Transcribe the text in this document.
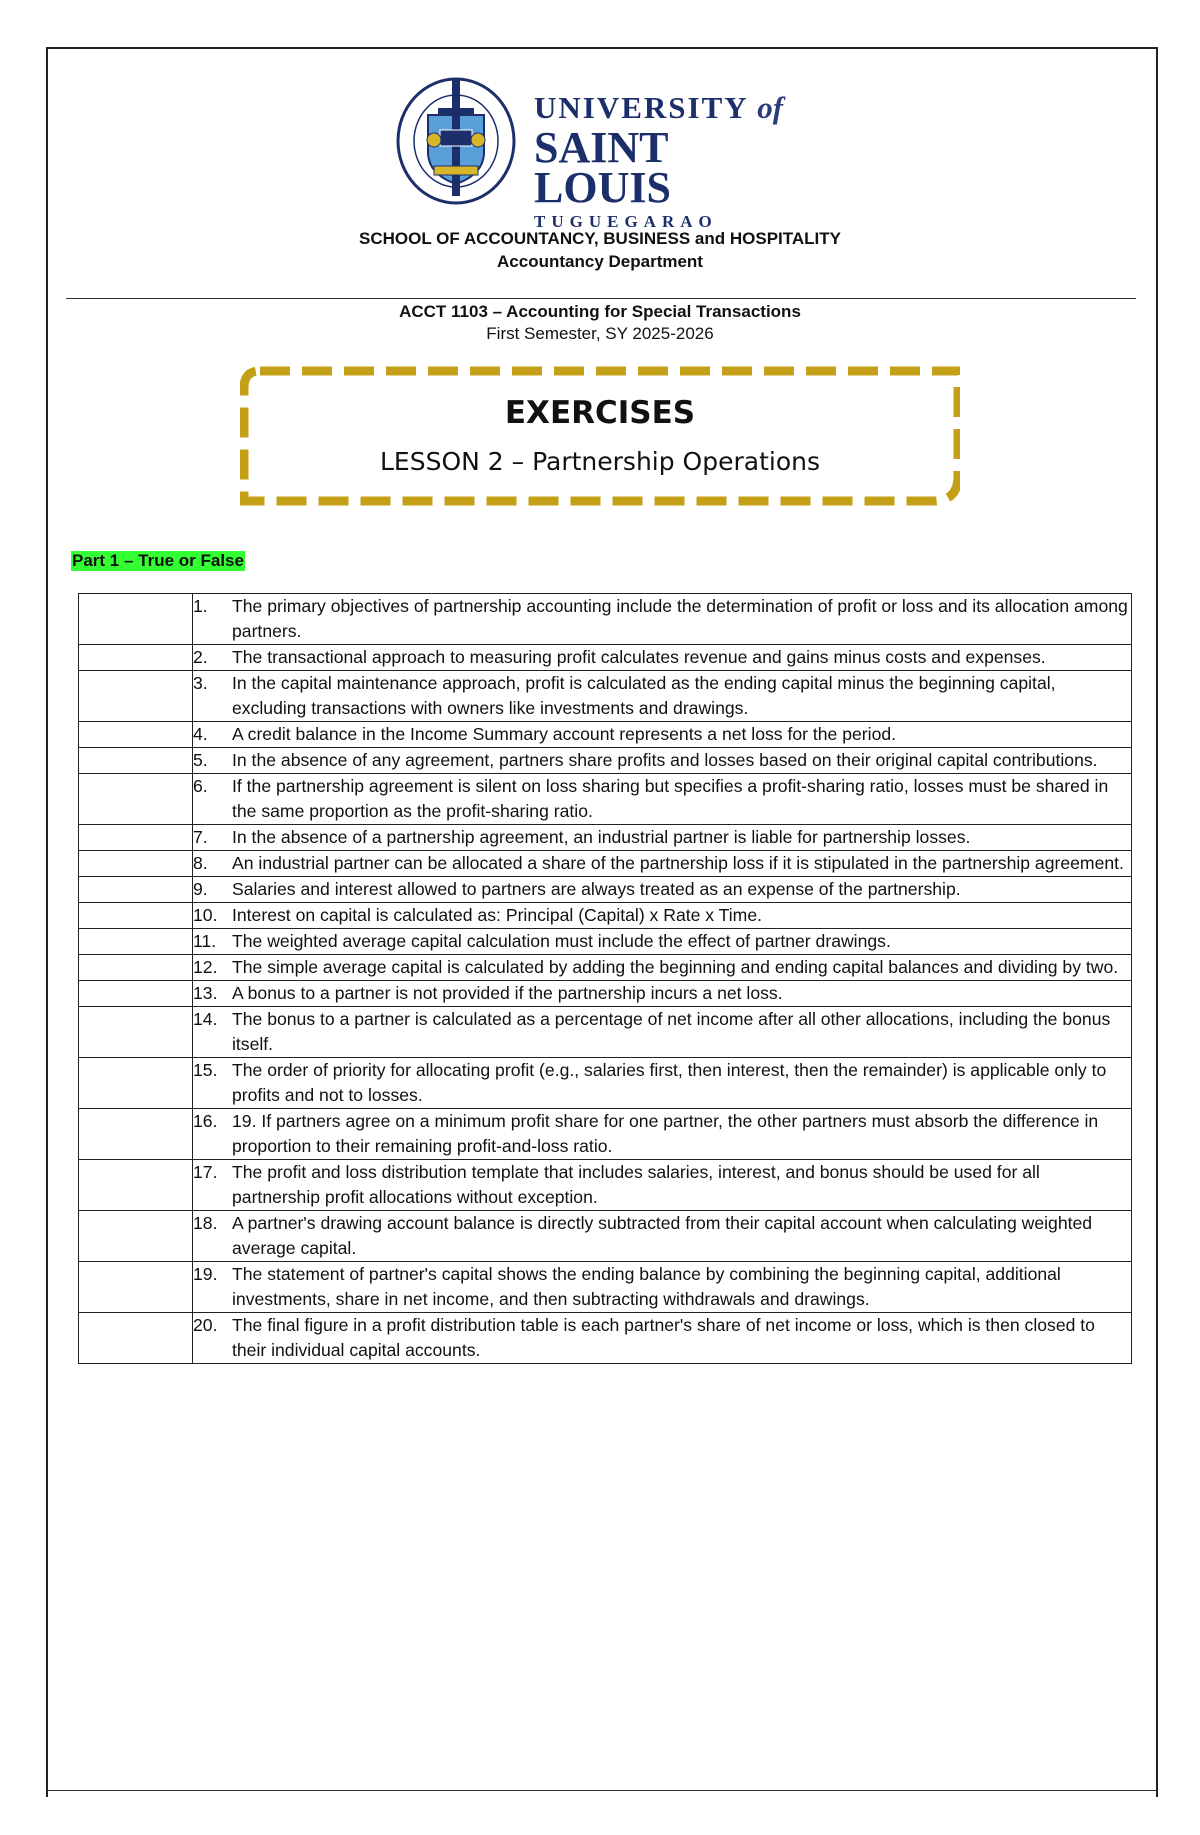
UNIVERSITY of
SAINT LOUIS
TUGUEGARAO
SCHOOL OF ACCOUNTANCY, BUSINESS and HOSPITALITY
Accountancy Department
ACCT 1103 – Accounting for Special Transactions
First Semester, SY 2025-2026
EXERCISES
LESSON 2 – Partnership Operations
Part 1 – True or False

	1. The primary objectives of partnership accounting include the determination of profit or loss and its allocation among partners.

	2. The transactional approach to measuring profit calculates revenue and gains minus costs and expenses.

	3. In the capital maintenance approach, profit is calculated as the ending capital minus the beginning capital, excluding transactions with owners like investments and drawings.

	4. A credit balance in the Income Summary account represents a net loss for the period.

	5. In the absence of any agreement, partners share profits and losses based on their original capital contributions.

	6. If the partnership agreement is silent on loss sharing but specifies a profit-sharing ratio, losses must be shared in the same proportion as the profit-sharing ratio.

	7. In the absence of a partnership agreement, an industrial partner is liable for partnership losses.

	8. An industrial partner can be allocated a share of the partnership loss if it is stipulated in the partnership agreement.

	9. Salaries and interest allowed to partners are always treated as an expense of the partnership.

	10. Interest on capital is calculated as: Principal (Capital) x Rate x Time.

	11. The weighted average capital calculation must include the effect of partner drawings.

	12. The simple average capital is calculated by adding the beginning and ending capital balances and dividing by two.

	13. A bonus to a partner is not provided if the partnership incurs a net loss.

	14. The bonus to a partner is calculated as a percentage of net income after all other allocations, including the bonus itself.

	15. The order of priority for allocating profit (e.g., salaries first, then interest, then the remainder) is applicable only to profits and not to losses.

	16. 19. If partners agree on a minimum profit share for one partner, the other partners must absorb the difference in proportion to their remaining profit-and-loss ratio.

	17. The profit and loss distribution template that includes salaries, interest, and bonus should be used for all partnership profit allocations without exception.

	18. A partner's drawing account balance is directly subtracted from their capital account when calculating weighted average capital.

	19. The statement of partner's capital shows the ending balance by combining the beginning capital, additional investments, share in net income, and then subtracting withdrawals and drawings.

	20. The final figure in a profit distribution table is each partner's share of net income or loss, which is then closed to their individual capital accounts.
